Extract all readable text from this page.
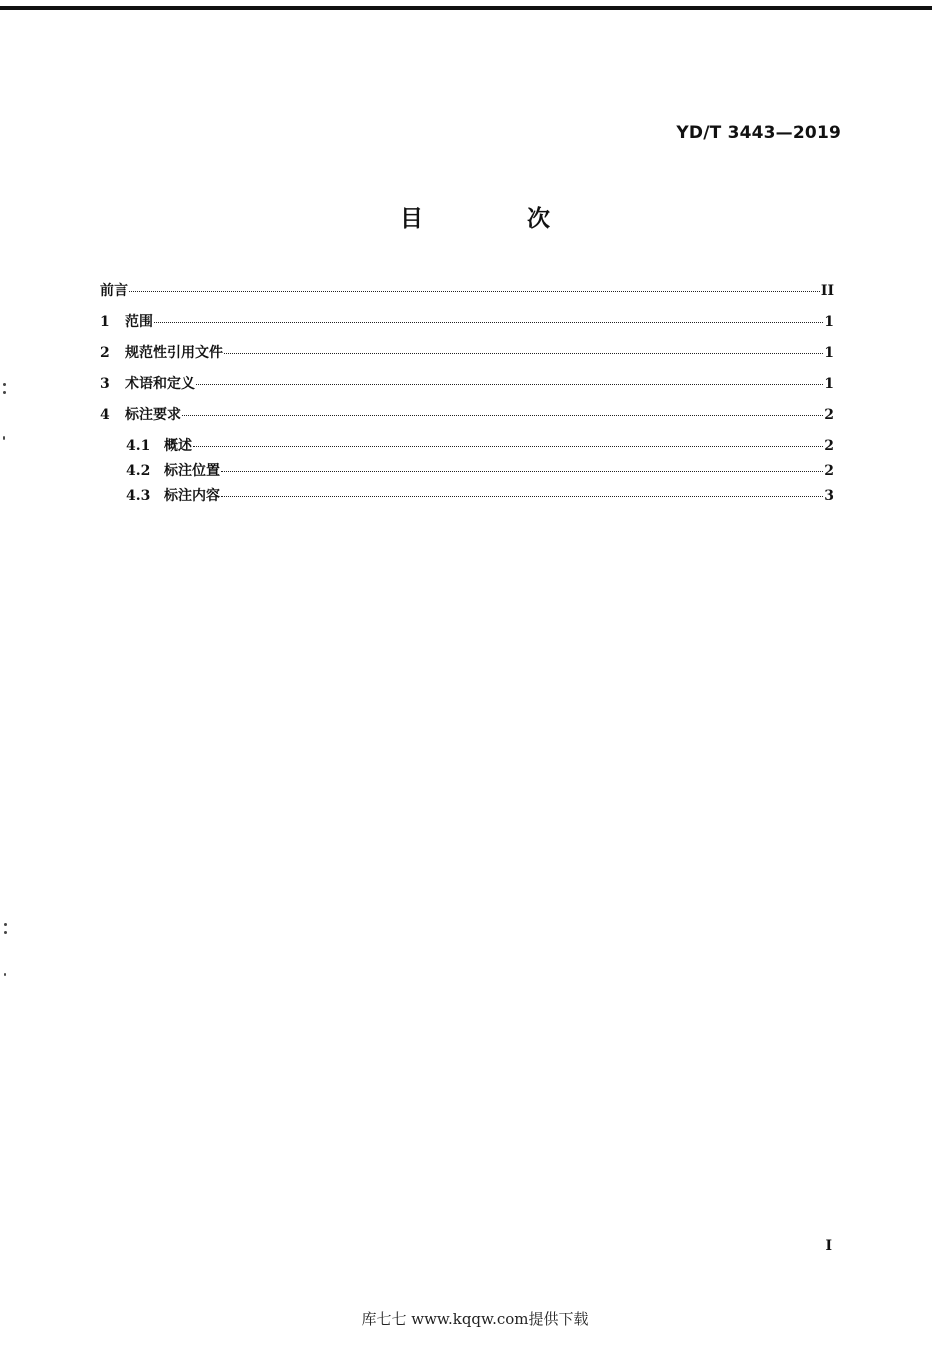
YD/T 3443—2019
目 次
前言	II
1	范围	1
2	规范性引用文件	1
3	术语和定义	1
4	标注要求	2
4.1 概述	2
4.2 标注位置	2
4.3 标注内容	3
I
库七七 www.kqqw.com提供下载
